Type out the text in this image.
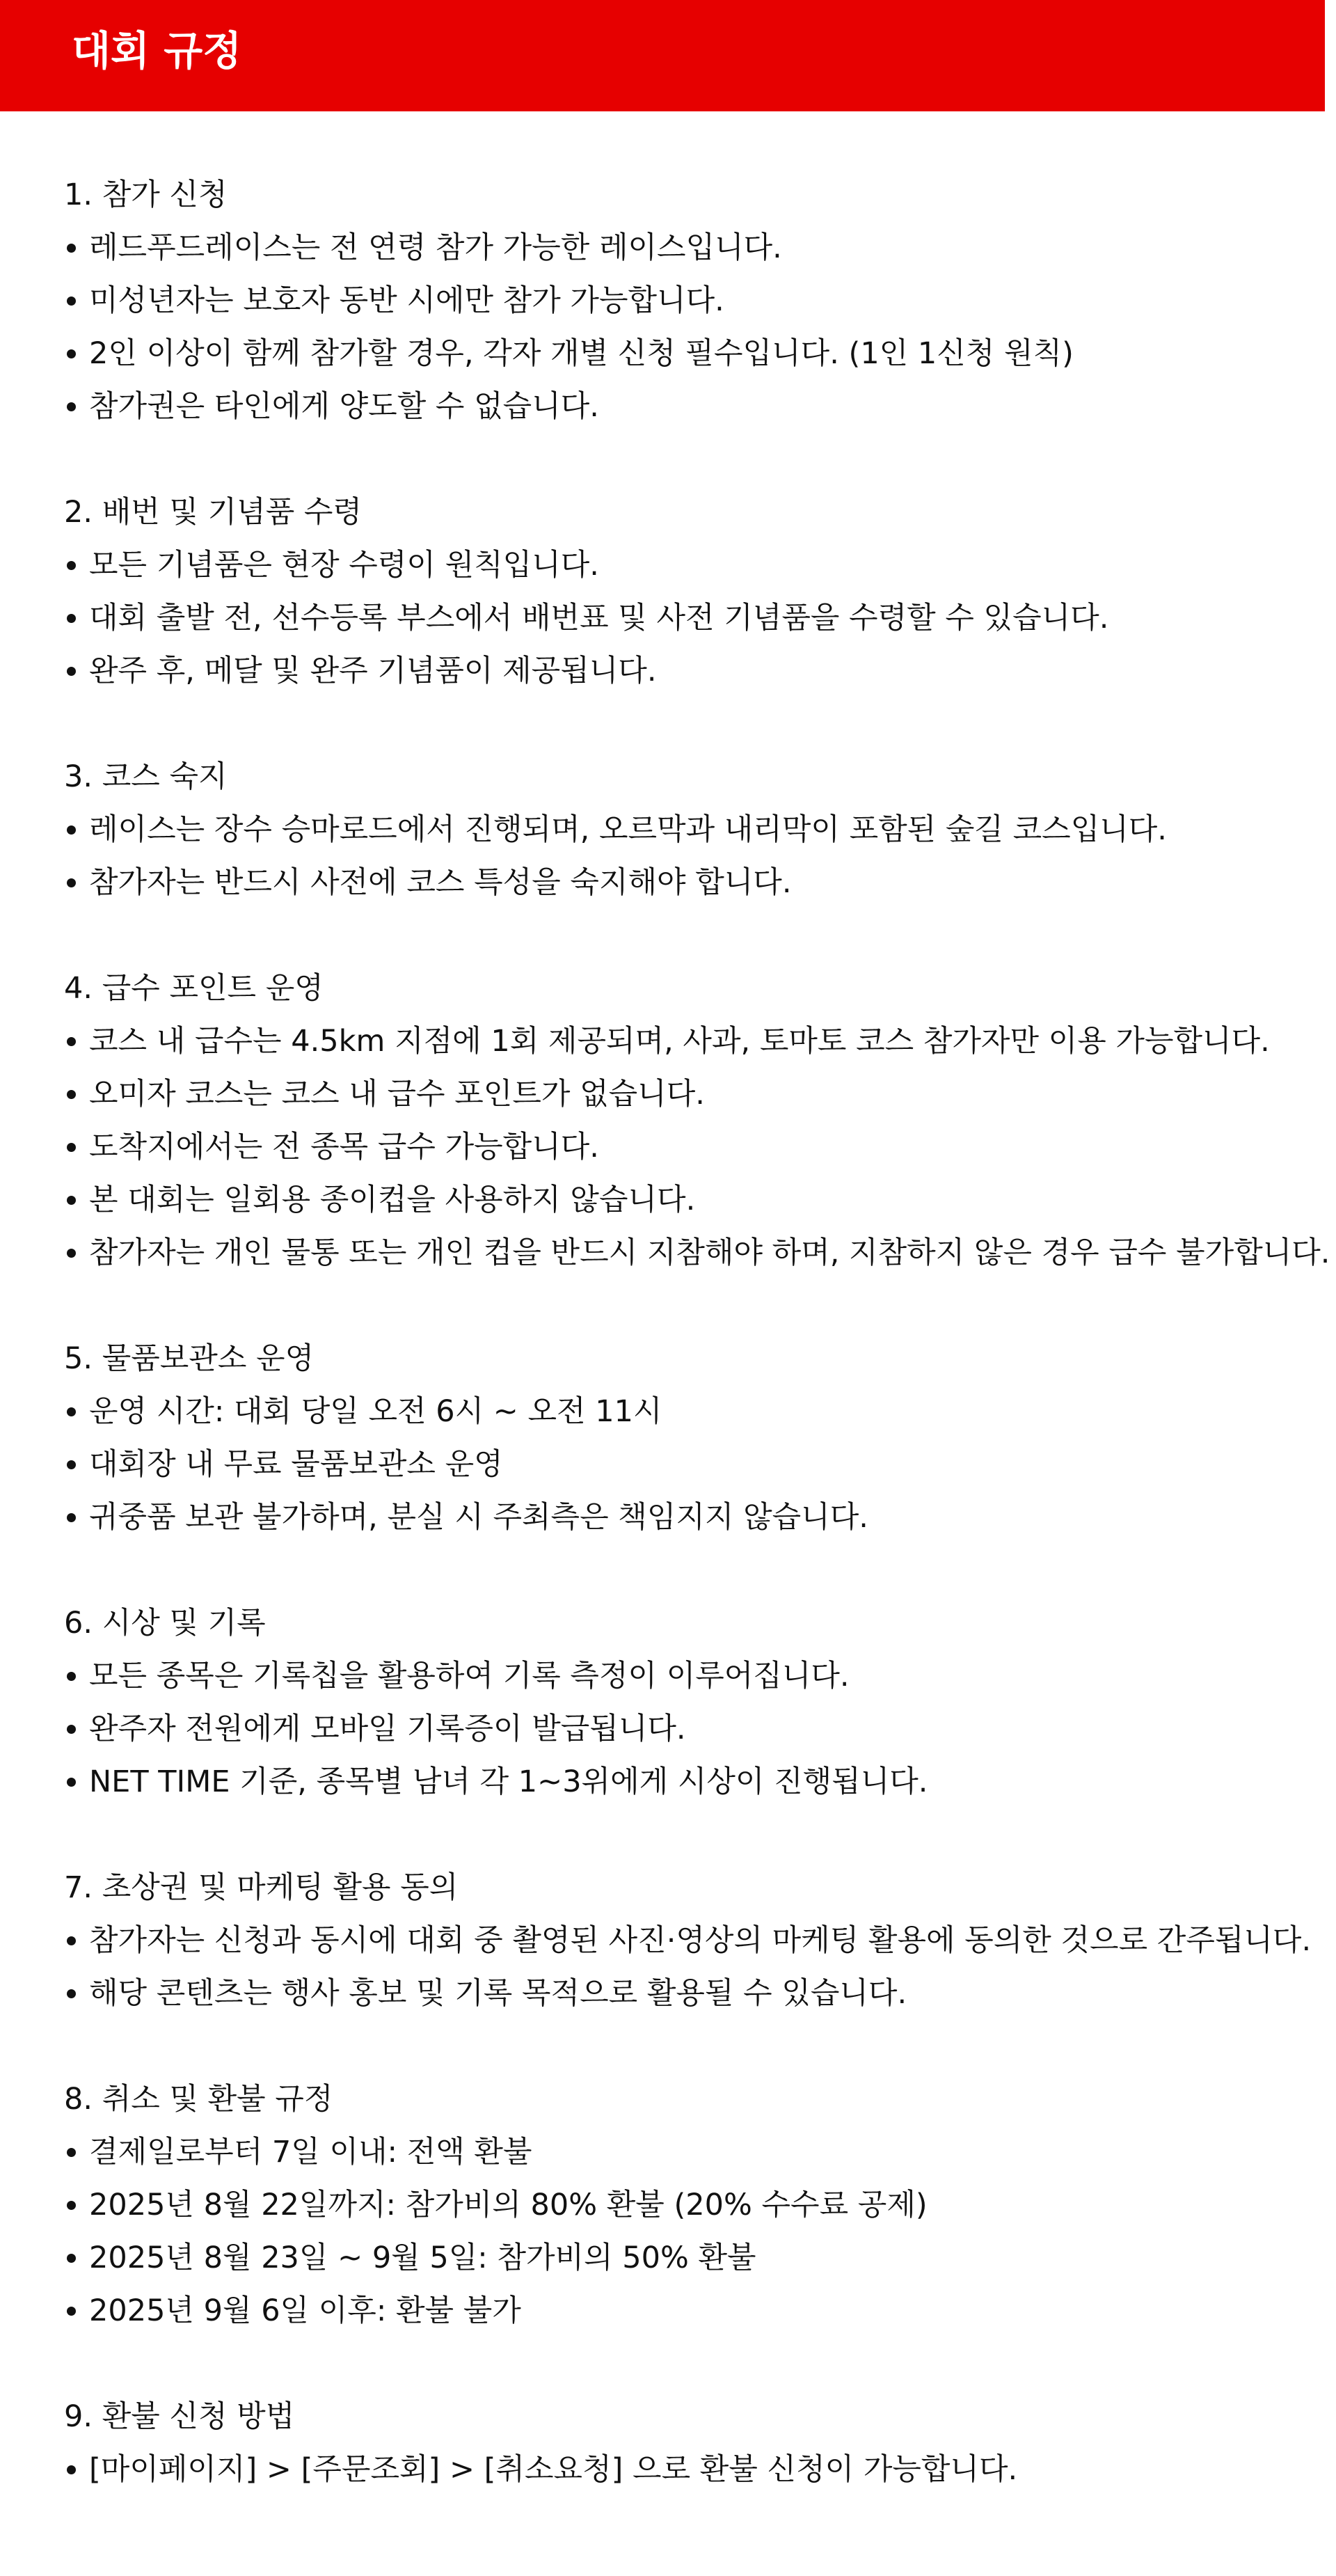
대회 규정
1. 참가 신청
레드푸드레이스는 전 연령 참가 가능한 레이스입니다.
미성년자는 보호자 동반 시에만 참가 가능합니다.
2인 이상이 함께 참가할 경우, 각자 개별 신청 필수입니다. (1인 1신청 원칙)
참가권은 타인에게 양도할 수 없습니다.
2. 배번 및 기념품 수령
모든 기념품은 현장 수령이 원칙입니다.
대회 출발 전, 선수등록 부스에서 배번표 및 사전 기념품을 수령할 수 있습니다.
완주 후, 메달 및 완주 기념품이 제공됩니다.
3. 코스 숙지
레이스는 장수 승마로드에서 진행되며, 오르막과 내리막이 포함된 숲길 코스입니다.
참가자는 반드시 사전에 코스 특성을 숙지해야 합니다.
4. 급수 포인트 운영
코스 내 급수는 4.5km 지점에 1회 제공되며, 사과, 토마토 코스 참가자만 이용 가능합니다.
오미자 코스는 코스 내 급수 포인트가 없습니다.
도착지에서는 전 종목 급수 가능합니다.
본 대회는 일회용 종이컵을 사용하지 않습니다.
참가자는 개인 물통 또는 개인 컵을 반드시 지참해야 하며, 지참하지 않은 경우 급수 불가합니다.
5. 물품보관소 운영
운영 시간: 대회 당일 오전 6시 ~ 오전 11시
대회장 내 무료 물품보관소 운영
귀중품 보관 불가하며, 분실 시 주최측은 책임지지 않습니다.
6. 시상 및 기록
모든 종목은 기록칩을 활용하여 기록 측정이 이루어집니다.
완주자 전원에게 모바일 기록증이 발급됩니다.
NET TIME 기준, 종목별 남녀 각 1~3위에게 시상이 진행됩니다.
7. 초상권 및 마케팅 활용 동의
참가자는 신청과 동시에 대회 중 촬영된 사진·영상의 마케팅 활용에 동의한 것으로 간주됩니다.
해당 콘텐츠는 행사 홍보 및 기록 목적으로 활용될 수 있습니다.
8. 취소 및 환불 규정
결제일로부터 7일 이내: 전액 환불
2025년 8월 22일까지: 참가비의 80% 환불 (20% 수수료 공제)
2025년 8월 23일 ~ 9월 5일: 참가비의 50% 환불
2025년 9월 6일 이후: 환불 불가
9. 환불 신청 방법
[마이페이지] > [주문조회] > [취소요청] 으로 환불 신청이 가능합니다.
